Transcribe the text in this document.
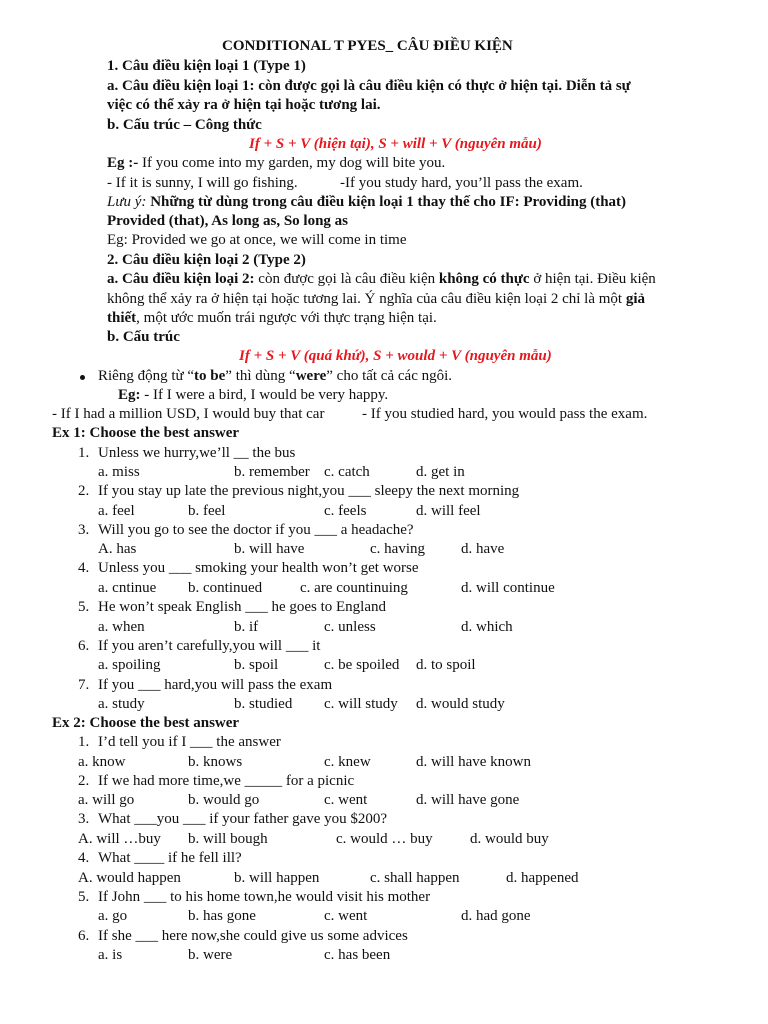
CONDITIONAL T PYES_ CÂU ĐIỀU KIỆN
1. Câu điều kiện loại 1 (Type 1)
a. Câu điều kiện loại 1: còn được gọi là câu điều kiện có thực ở hiện tại. Diễn tả sự
việc có thể xảy ra ở hiện tại hoặc tương lai.
b. Cấu trúc – Công thức
If + S + V (hiện tại), S + will + V (nguyên mẫu)
Eg :- If you come into my garden, my dog will bite you.
- If it is sunny, I will go fishing.	-If you study hard, you’ll pass the exam.
Lưu ý: Những từ dùng trong câu điều kiện loại 1 thay thế cho IF: Providing (that)
Provided (that), As long as, So long as
Eg: Provided we go at once, we will come in time
2. Câu điều kiện loại 2 (Type 2)
a. Câu điều kiện loại 2: còn được gọi là câu điều kiện không có thực ở hiện tại. Điều kiện
không thể xảy ra ở hiện tại hoặc tương lai. Ý nghĩa của câu điều kiện loại 2 chỉ là một giả
thiết, một ước muốn trái ngược với thực trạng hiện tại.
b. Cấu trúc
If + S + V (quá khứ), S + would + V (nguyên mẫu)
Riêng động từ “to be” thì dùng “were” cho tất cả các ngôi.
Eg: - If I were a bird, I would be very happy.
- If I had a million USD, I would buy that car	- If you studied hard, you would pass the exam.
Ex 1: Choose the best answer
1. Unless we hurry,we’ll __ the bus
a. miss	b. remember c. catch	d. get in
2. If you stay up late the previous night,you ___ sleepy the next morning
a. feel	b. feel	c. feels	d. will feel
3. Will you go to see the doctor if you ___ a headache?
A. has	b. will have	c. having d. have
4. Unless you ___ smoking your health won’t get worse
a. cntinue b. continued	c. are countinuing	d. will continue
5. He won’t speak English ___ he goes to England
a. when	b. if	c. unless	d. which
6. If you aren’t carefully,you will ___ it
a. spoiling	b. spoil	c. be spoiled d. to spoil
7. If you ___ hard,you will pass the exam
a. study	b. studied c. will study d. would study
Ex 2: Choose the best answer
1. I’d tell you if I ___ the answer
a. know	b. knows	c. knew	d. will have known
2. If we had more time,we _____ for a picnic
a. will go	b. would go	c. went	d. will have gone
3. What ___you ___ if your father gave you $200?
A. will …buy b. will bough	c. would … buy d. would buy
4. What ____ if he fell ill?
A. would happen	b. will happen	c. shall happen	d. happened
5. If John ___ to his home town,he would visit his mother
a. go	b. has gone	c. went	d. had gone
6. If she ___ here now,she could give us some advices
a. is	b. were	c. has been
